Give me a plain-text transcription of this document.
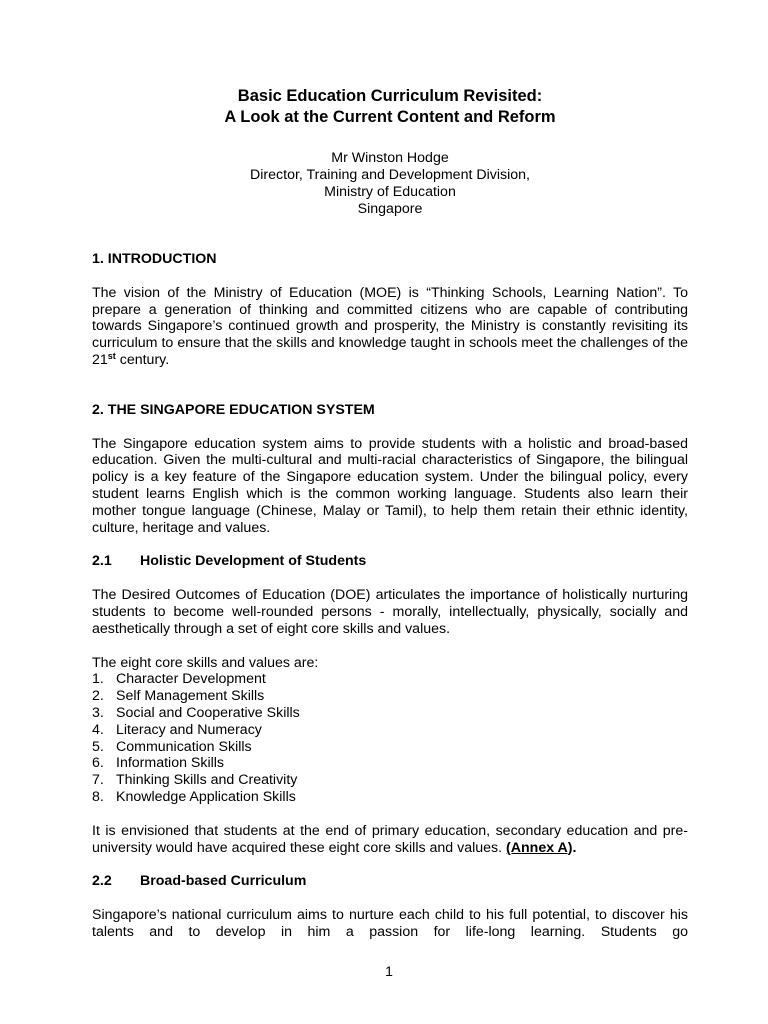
Basic Education Curriculum Revisited:
A Look at the Current Content and Reform
Mr Winston Hodge
Director, Training and Development Division,
Ministry of Education
Singapore
1. INTRODUCTION

The vision of the Ministry of Education (MOE) is “Thinking Schools, Learning Nation”. To prepare a generation of thinking and committed citizens who are capable of contributing towards Singapore’s continued growth and prosperity, the Ministry is constantly revisiting its curriculum to ensure that the skills and knowledge taught in schools meet the challenges of the 21st century.

2. THE SINGAPORE EDUCATION SYSTEM

The Singapore education system aims to provide students with a holistic and broad-based education. Given the multi-cultural and multi-racial characteristics of Singapore, the bilingual policy is a key feature of the Singapore education system. Under the bilingual policy, every student learns English which is the common working language. Students also learn their mother tongue language (Chinese, Malay or Tamil), to help them retain their ethnic identity, culture, heritage and values.

2.1	Holistic Development of Students

The Desired Outcomes of Education (DOE) articulates the importance of holistically nurturing students to become well-rounded persons - morally, intellectually, physically, socially and aesthetically through a set of eight core skills and values.

The eight core skills and values are:
1. Character Development
2. Self Management Skills
3. Social and Cooperative Skills
4. Literacy and Numeracy
5. Communication Skills
6. Information Skills
7. Thinking Skills and Creativity
8. Knowledge Application Skills

It is envisioned that students at the end of primary education, secondary education and pre-university would have acquired these eight core skills and values. (Annex A).

2.2	Broad-based Curriculum

Singapore’s national curriculum aims to nurture each child to his full potential, to discover his talents and to develop in him a passion for life-long learning. Students go

1
